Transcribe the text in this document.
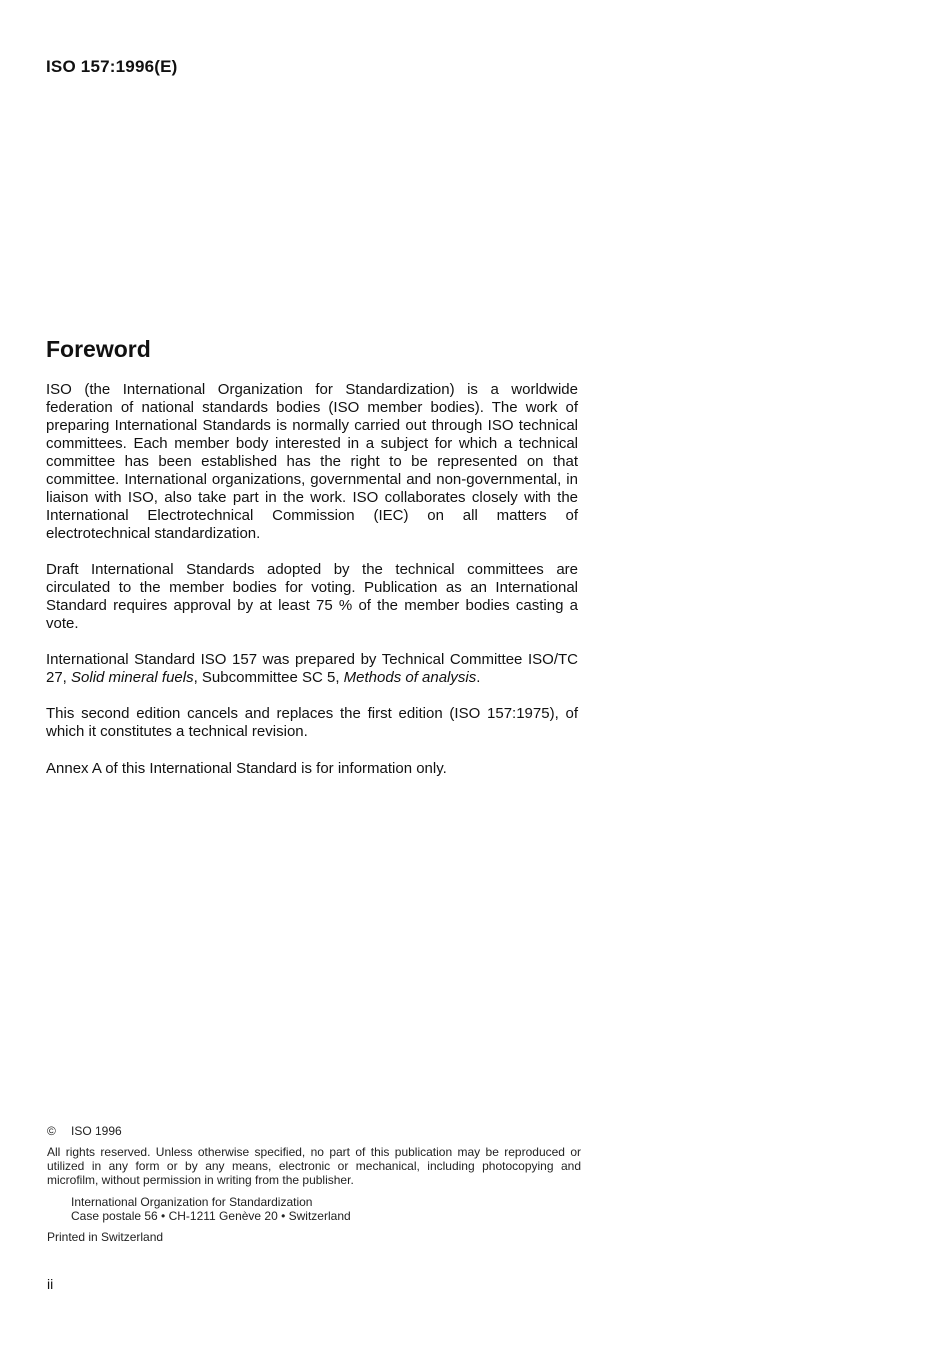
ISO 157:1996(E)
Foreword
ISO (the International Organization for Standardization) is a worldwide federation of national standards bodies (ISO member bodies). The work of preparing International Standards is normally carried out through ISO technical committees. Each member body interested in a subject for which a technical committee has been established has the right to be represented on that committee. International organizations, governmental and non-governmental, in liaison with ISO, also take part in the work. ISO collaborates closely with the International Electrotechnical Commission (IEC) on all matters of electrotechnical standardization.
Draft International Standards adopted by the technical committees are circulated to the member bodies for voting. Publication as an International Standard requires approval by at least 75 % of the member bodies casting a vote.
International Standard ISO 157 was prepared by Technical Committee ISO/TC 27, Solid mineral fuels, Subcommittee SC 5, Methods of analysis.
This second edition cancels and replaces the first edition (ISO 157:1975), of which it constitutes a technical revision.
Annex A of this International Standard is for information only.
© ISO 1996
All rights reserved. Unless otherwise specified, no part of this publication may be reproduced or utilized in any form or by any means, electronic or mechanical, including photocopying and microfilm, without permission in writing from the publisher.
International Organization for Standardization
Case postale 56 • CH-1211 Genève 20 • Switzerland
Printed in Switzerland
ii
